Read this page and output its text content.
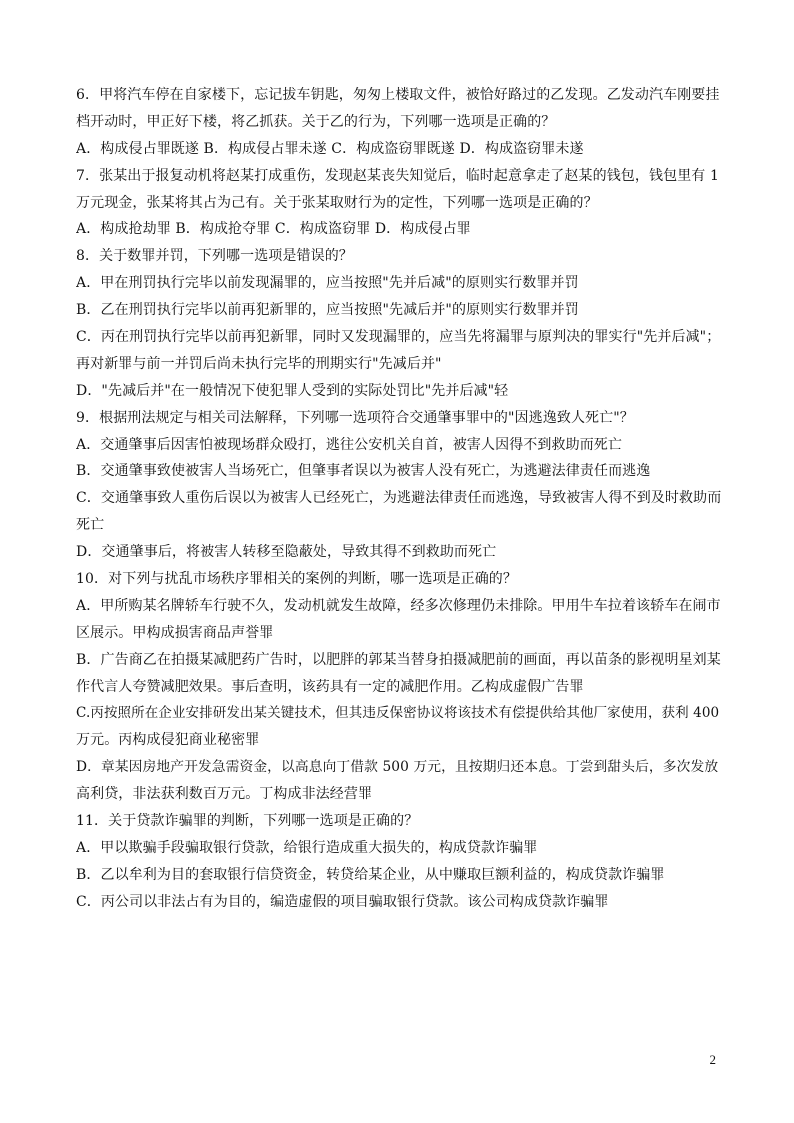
6．甲将汽车停在自家楼下，忘记拔车钥匙，匆匆上楼取文件，被恰好路过的乙发现。乙发动汽车刚要挂
档开动时，甲正好下楼，将乙抓获。关于乙的行为，下列哪一选项是正确的？
A．构成侵占罪既遂 B．构成侵占罪未遂 C．构成盗窃罪既遂 D．构成盗窃罪未遂
7．张某出于报复动机将赵某打成重伤，发现赵某丧失知觉后，临时起意拿走了赵某的钱包，钱包里有 1
万元现金，张某将其占为己有。关于张某取财行为的定性，下列哪一选项是正确的？
A．构成抢劫罪 B．构成抢夺罪 C．构成盗窃罪 D．构成侵占罪
8．关于数罪并罚，下列哪一选项是错误的？
A．甲在刑罚执行完毕以前发现漏罪的，应当按照"先并后减"的原则实行数罪并罚
B．乙在刑罚执行完毕以前再犯新罪的，应当按照"先减后并"的原则实行数罪并罚
C．丙在刑罚执行完毕以前再犯新罪，同时又发现漏罪的，应当先将漏罪与原判决的罪实行"先并后减"；
再对新罪与前一并罚后尚未执行完毕的刑期实行"先减后并"
D．"先减后并"在一般情况下使犯罪人受到的实际处罚比"先并后减"轻
9．根据刑法规定与相关司法解释，下列哪一选项符合交通肇事罪中的"因逃逸致人死亡"？
A．交通肇事后因害怕被现场群众殴打，逃往公安机关自首，被害人因得不到救助而死亡
B．交通肇事致使被害人当场死亡，但肇事者误以为被害人没有死亡，为逃避法律责任而逃逸
C．交通肇事致人重伤后误以为被害人已经死亡，为逃避法律责任而逃逸，导致被害人得不到及时救助而
死亡
D．交通肇事后，将被害人转移至隐蔽处，导致其得不到救助而死亡
10．对下列与扰乱市场秩序罪相关的案例的判断，哪一选项是正确的？
A．甲所购某名牌轿车行驶不久，发动机就发生故障，经多次修理仍未排除。甲用牛车拉着该轿车在闹市
区展示。甲构成损害商品声誉罪
B．广告商乙在拍摄某减肥药广告时，以肥胖的郭某当替身拍摄减肥前的画面，再以苗条的影视明星刘某
作代言人夸赞减肥效果。事后查明，该药具有一定的减肥作用。乙构成虚假广告罪
C.丙按照所在企业安排研发出某关键技术，但其违反保密协议将该技术有偿提供给其他厂家使用，获利 400
万元。丙构成侵犯商业秘密罪
D．章某因房地产开发急需资金，以高息向丁借款 500 万元，且按期归还本息。丁尝到甜头后，多次发放
高利贷，非法获利数百万元。丁构成非法经营罪
11．关于贷款诈骗罪的判断，下列哪一选项是正确的？
A．甲以欺骗手段骗取银行贷款，给银行造成重大损失的，构成贷款诈骗罪
B．乙以牟利为目的套取银行信贷资金，转贷给某企业，从中赚取巨额利益的，构成贷款诈骗罪
C．丙公司以非法占有为目的，编造虚假的项目骗取银行贷款。该公司构成贷款诈骗罪
2
